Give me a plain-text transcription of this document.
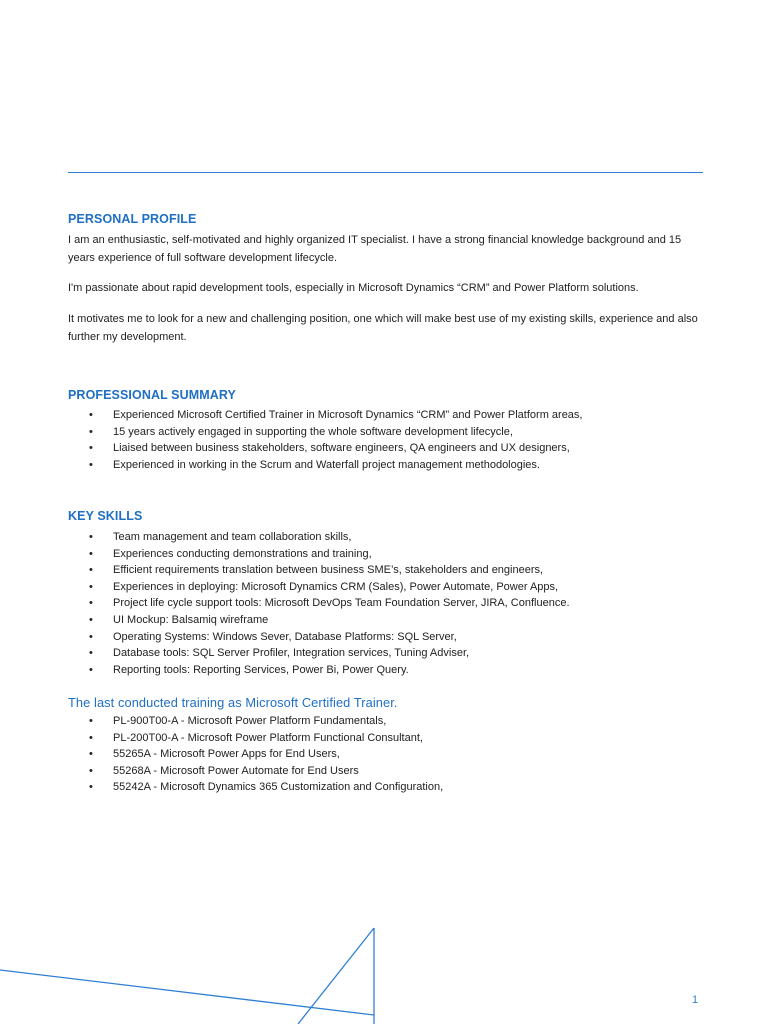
PERSONAL PROFILE

I am an enthusiastic, self-motivated and highly organized IT specialist. I have a strong financial knowledge background and 15 years experience of full software development lifecycle.

I'm passionate about rapid development tools, especially in Microsoft Dynamics “CRM” and Power Platform solutions.

It motivates me to look for a new and challenging position, one which will make best use of my existing skills, experience and also further my development.

PROFESSIONAL SUMMARY
• Experienced Microsoft Certified Trainer in Microsoft Dynamics “CRM” and Power Platform areas,
• 15 years actively engaged in supporting the whole software development lifecycle,
• Liaised between business stakeholders, software engineers, QA engineers and UX designers,
• Experienced in working in the Scrum and Waterfall project management methodologies.
KEY SKILLS
• Team management and team collaboration skills,
• Experiences conducting demonstrations and training,
• Efficient requirements translation between business SME’s, stakeholders and engineers,
• Experiences in deploying: Microsoft Dynamics CRM (Sales), Power Automate, Power Apps,
• Project life cycle support tools: Microsoft DevOps Team Foundation Server, JIRA, Confluence.
• UI Mockup: Balsamiq wireframe
• Operating Systems: Windows Sever, Database Platforms: SQL Server,
• Database tools: SQL Server Profiler, Integration services, Tuning Adviser,
• Reporting tools: Reporting Services, Power Bi, Power Query.
The last conducted training as Microsoft Certified Trainer.
• PL-900T00-A - Microsoft Power Platform Fundamentals,
• PL-200T00-A - Microsoft Power Platform Functional Consultant,
• 55265A - Microsoft Power Apps for End Users,
• 55268A - Microsoft Power Automate for End Users
• 55242A - Microsoft Dynamics 365 Customization and Configuration,
1
